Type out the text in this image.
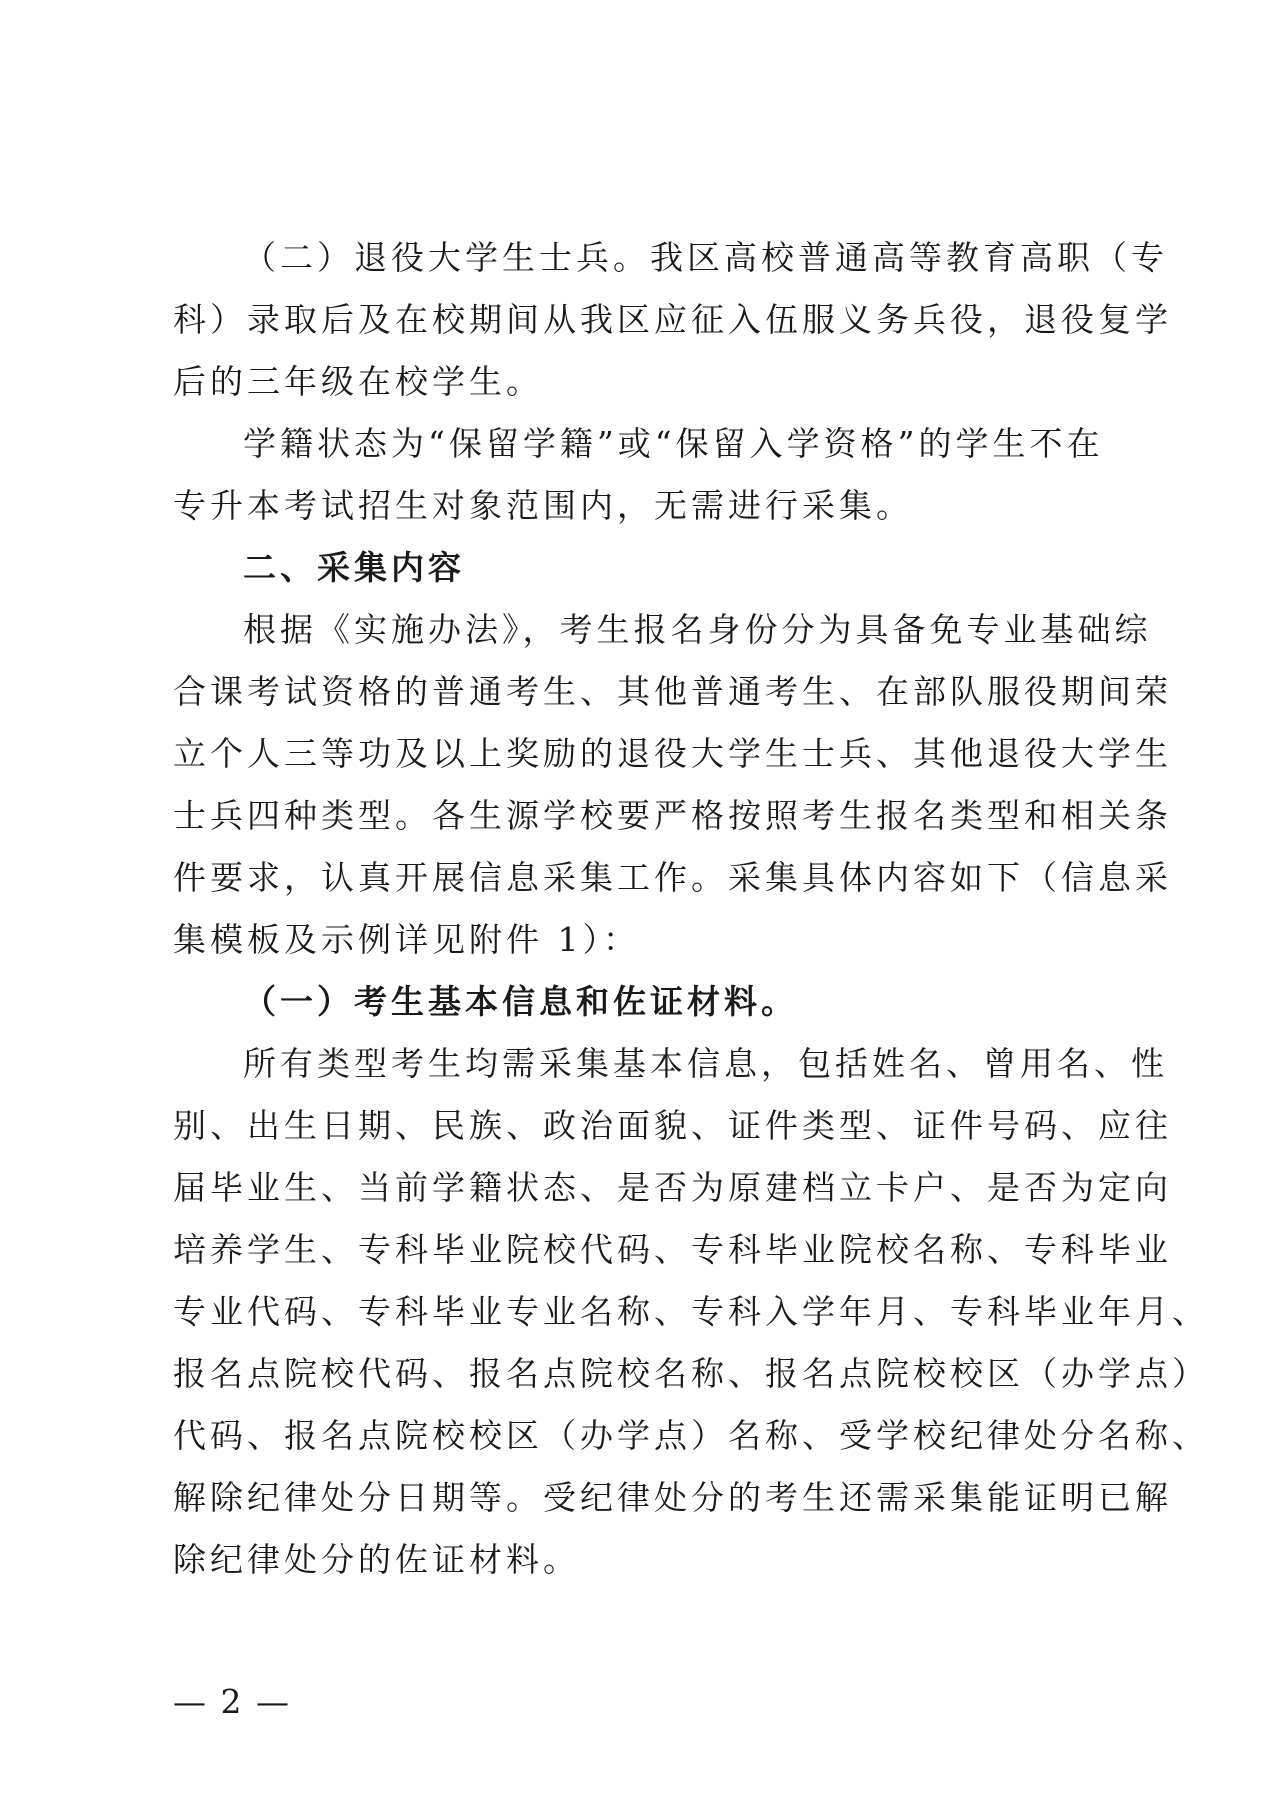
（二）退役大学生士兵。我区高校普通高等教育高职（专
科）录取后及在校期间从我区应征入伍服义务兵役，退役复学
后的三年级在校学生。
学籍状态为“保留学籍”或“保留入学资格”的学生不在
专升本考试招生对象范围内，无需进行采集。
二、采集内容
根据《实施办法》，考生报名身份分为具备免专业基础综
合课考试资格的普通考生、其他普通考生、在部队服役期间荣
立个人三等功及以上奖励的退役大学生士兵、其他退役大学生
士兵四种类型。各生源学校要严格按照考生报名类型和相关条
件要求，认真开展信息采集工作。采集具体内容如下（信息采
集模板及示例详见附件 1）：
（一）考生基本信息和佐证材料。
所有类型考生均需采集基本信息，包括姓名、曾用名、性
别、出生日期、民族、政治面貌、证件类型、证件号码、应往
届毕业生、当前学籍状态、是否为原建档立卡户、是否为定向
培养学生、专科毕业院校代码、专科毕业院校名称、专科毕业
专业代码、专科毕业专业名称、专科入学年月、专科毕业年月、
报名点院校代码、报名点院校名称、报名点院校校区（办学点）
代码、报名点院校校区（办学点）名称、受学校纪律处分名称、
解除纪律处分日期等。受纪律处分的考生还需采集能证明已解
除纪律处分的佐证材料。
— 2 —
